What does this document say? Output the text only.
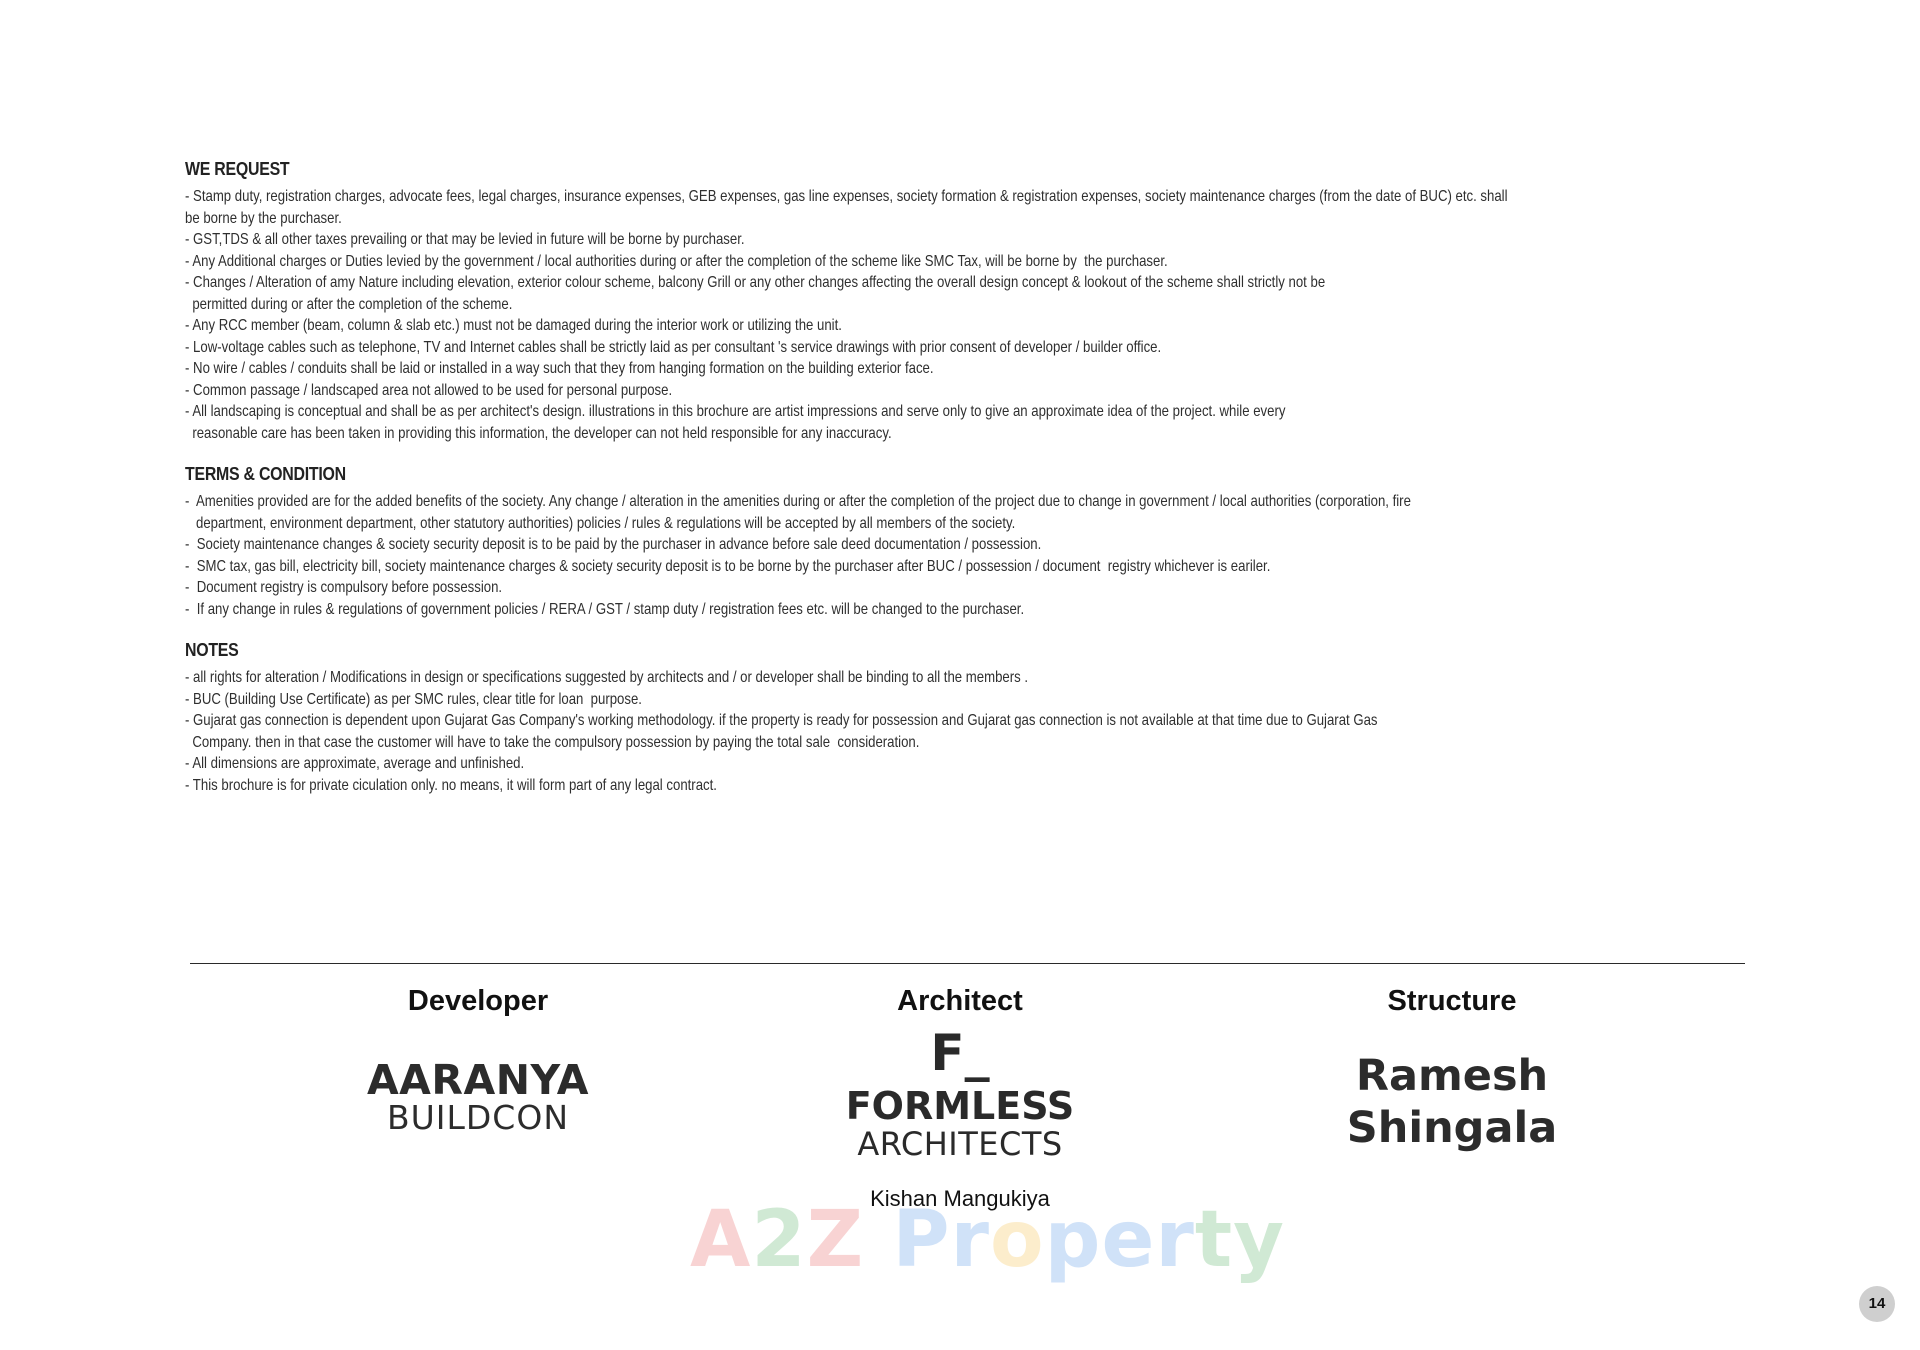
WE REQUEST
- Stamp duty, registration charges, advocate fees, legal charges, insurance expenses, GEB expenses, gas line expenses, society formation & registration expenses, society maintenance charges (from the date of BUC) etc. shall
be borne by the purchaser.
- GST,TDS & all other taxes prevailing or that may be levied in future will be borne by purchaser.
- Any Additional charges or Duties levied by the government / local authorities during or after the completion of the scheme like SMC Tax, will be borne by  the purchaser.
- Changes / Alteration of amy Nature including elevation, exterior colour scheme, balcony Grill or any other changes affecting the overall design concept & lookout of the scheme shall strictly not be
permitted during or after the completion of the scheme.
- Any RCC member (beam, column & slab etc.) must not be damaged during the interior work or utilizing the unit.
- Low-voltage cables such as telephone, TV and Internet cables shall be strictly laid as per consultant 's service drawings with prior consent of developer / builder office.
- No wire / cables / conduits shall be laid or installed in a way such that they from hanging formation on the building exterior face.
- Common passage / landscaped area not allowed to be used for personal purpose.
- All landscaping is conceptual and shall be as per architect's design. illustrations in this brochure are artist impressions and serve only to give an approximate idea of the project. while every
reasonable care has been taken in providing this information, the developer can not held responsible for any inaccuracy.
TERMS & CONDITION
-  Amenities provided are for the added benefits of the society. Any change / alteration in the amenities during or after the completion of the project due to change in government / local authorities (corporation, fire
department, environment department, other statutory authorities) policies / rules & regulations will be accepted by all members of the society.
-  Society maintenance changes & society security deposit is to be paid by the purchaser in advance before sale deed documentation / possession.
-  SMC tax, gas bill, electricity bill, society maintenance charges & society security deposit is to be borne by the purchaser after BUC / possession / document  registry whichever is eariler.
-  Document registry is compulsory before possession.
-  If any change in rules & regulations of government policies / RERA / GST / stamp duty / registration fees etc. will be changed to the purchaser.
NOTES
- all rights for alteration / Modifications in design or specifications suggested by architects and / or developer shall be binding to all the members .
- BUC (Building Use Certificate) as per SMC rules, clear title for loan  purpose.
- Gujarat gas connection is dependent upon Gujarat Gas Company's working methodology. if the property is ready for possession and Gujarat gas connection is not available at that time due to Gujarat Gas
Company. then in that case the customer will have to take the compulsory possession by paying the total sale  consideration.
- All dimensions are approximate, average and unfinished.
- This brochure is for private ciculation only. no means, it will form part of any legal contract.
Developer
AARANYA
BUILDCON
Architect
F_
FORMLESS
ARCHITECTS
Kishan Mangukiya
Structure
Ramesh
Shingala
A2Z Property
14
